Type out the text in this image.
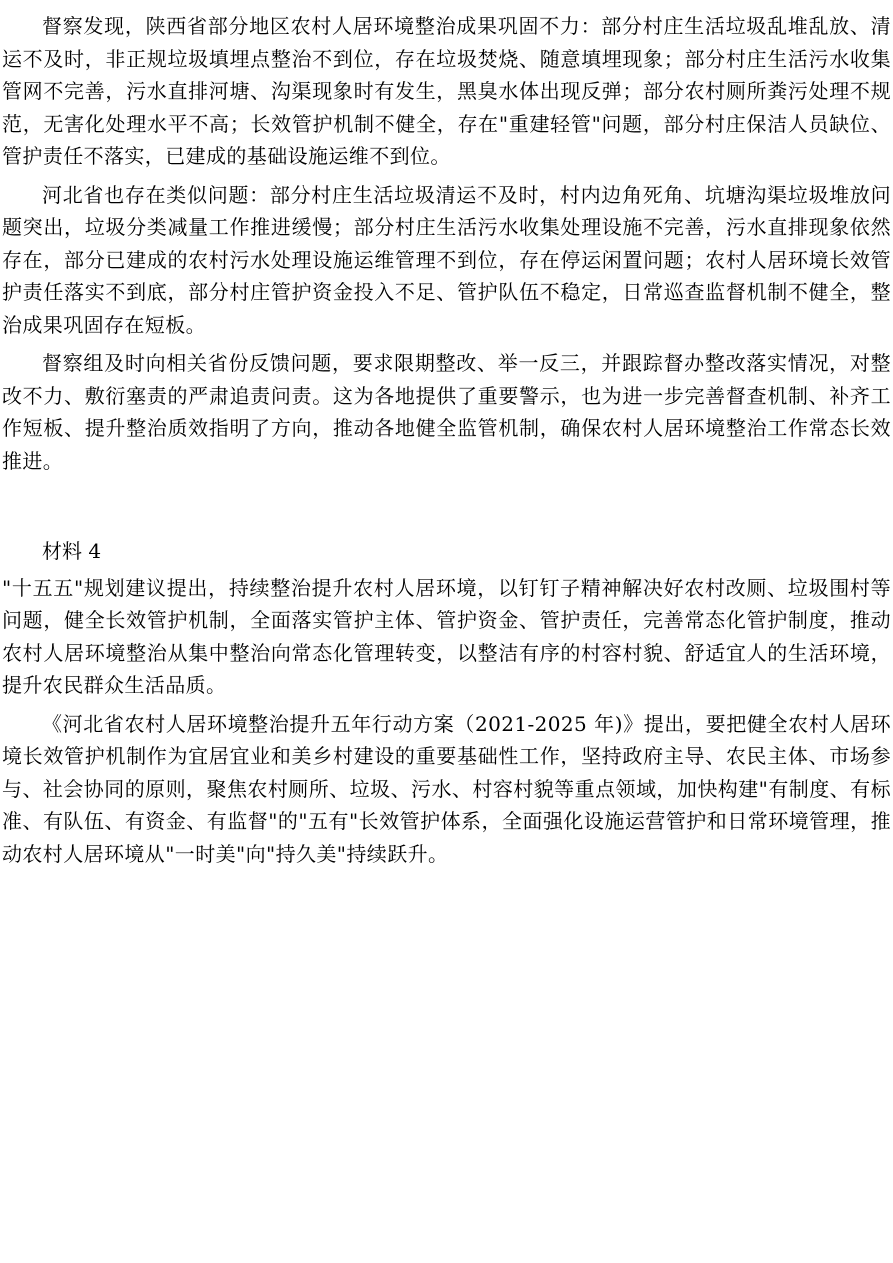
督察发现，陕西省部分地区农村人居环境整治成果巩固不力：部分村庄生活垃圾乱堆乱放、清运不及时，非正规垃圾填埋点整治不到位，存在垃圾焚烧、随意填埋现象；部分村庄生活污水收集管网不完善，污水直排河塘、沟渠现象时有发生，黑臭水体出现反弹；部分农村厕所粪污处理不规范，无害化处理水平不高；长效管护机制不健全，存在"重建轻管"问题，部分村庄保洁人员缺位、管护责任不落实，已建成的基础设施运维不到位。

河北省也存在类似问题：部分村庄生活垃圾清运不及时，村内边角死角、坑塘沟渠垃圾堆放问题突出，垃圾分类减量工作推进缓慢；部分村庄生活污水收集处理设施不完善，污水直排现象依然存在，部分已建成的农村污水处理设施运维管理不到位，存在停运闲置问题；农村人居环境长效管护责任落实不到底，部分村庄管护资金投入不足、管护队伍不稳定，日常巡查监督机制不健全，整治成果巩固存在短板。

督察组及时向相关省份反馈问题，要求限期整改、举一反三，并跟踪督办整改落实情况，对整改不力、敷衍塞责的严肃追责问责。这为各地提供了重要警示，也为进一步完善督查机制、补齐工作短板、提升整治质效指明了方向，推动各地健全监管机制，确保农村人居环境整治工作常态长效推进。

材料 4

"十五五"规划建议提出，持续整治提升农村人居环境，以钉钉子精神解决好农村改厕、垃圾围村等问题，健全长效管护机制，全面落实管护主体、管护资金、管护责任，完善常态化管护制度，推动农村人居环境整治从集中整治向常态化管理转变，以整洁有序的村容村貌、舒适宜人的生活环境，提升农民群众生活品质。

《河北省农村人居环境整治提升五年行动方案（2021-2025 年)》提出，要把健全农村人居环境长效管护机制作为宜居宜业和美乡村建设的重要基础性工作，坚持政府主导、农民主体、市场参与、社会协同的原则，聚焦农村厕所、垃圾、污水、村容村貌等重点领域，加快构建"有制度、有标准、有队伍、有资金、有监督"的"五有"长效管护体系，全面强化设施运营管护和日常环境管理，推动农村人居环境从"一时美"向"持久美"持续跃升。
